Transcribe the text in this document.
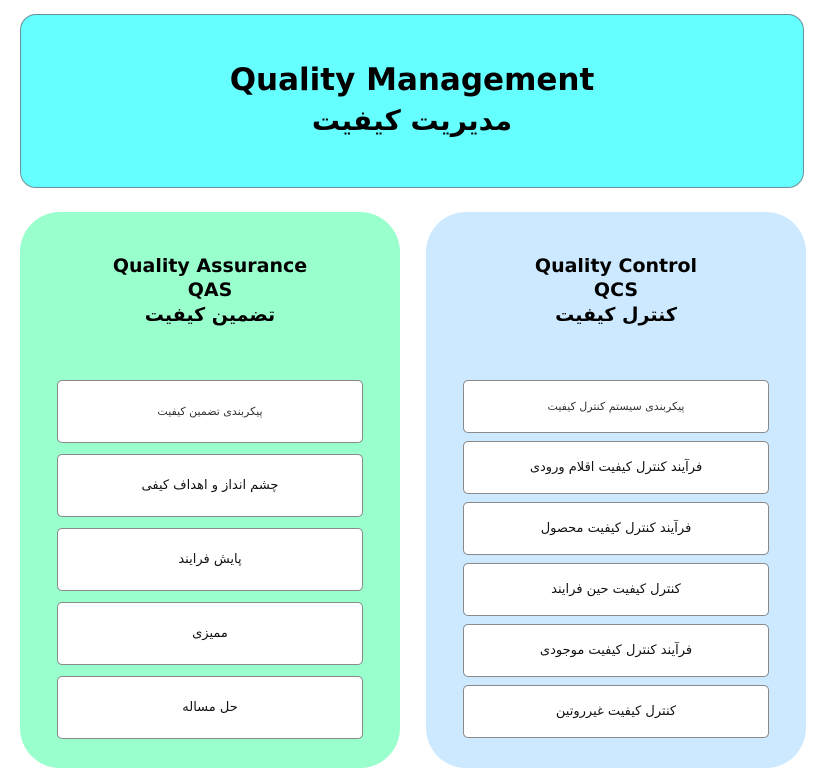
Quality Management
مدیریت کیفیت
Quality Assurance
QAS
تضمین کیفیت
پیکربندی تضمین کیفیت
چشم انداز و اهداف کیفی
پایش فرایند
ممیزی
حل مساله
Quality Control
QCS
کنترل کیفیت
پیکربندی سیستم کنترل کیفیت
فرآیند کنترل کیفیت اقلام ورودی
فرآیند کنترل کیفیت محصول
کنترل کیفیت حین فرایند
فرآیند کنترل کیفیت موجودی
کنترل کیفیت غیرروتین
